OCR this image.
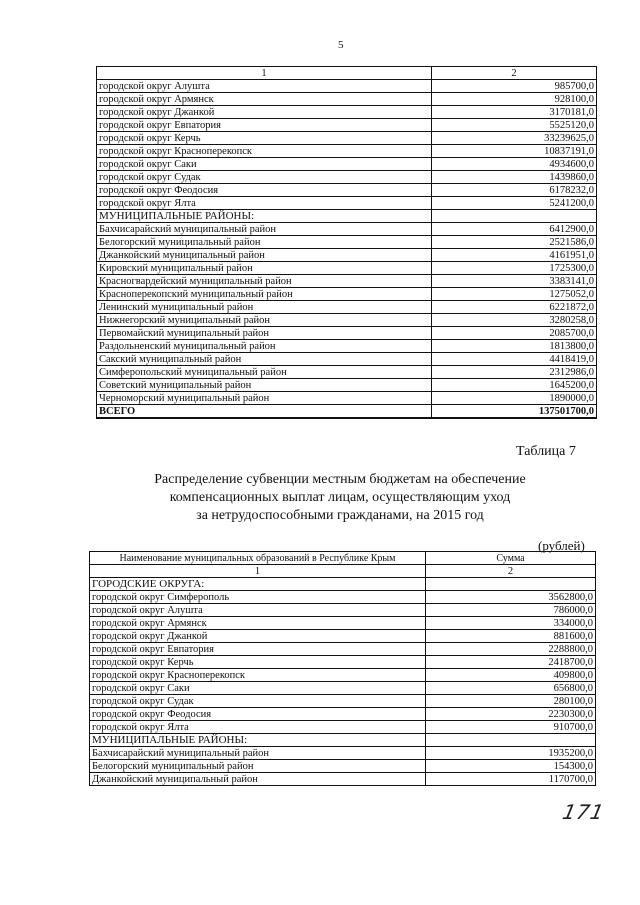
5
1	2
городской округ Алушта	985700,0
городской округ Армянск	928100,0
городской округ Джанкой	3170181,0
городской округ Евпатория	5525120,0
городской округ Керчь	33239625,0
городской округ Красноперекопск	10837191,0
городской округ Саки	4934600,0
городской округ Судак	1439860,0
городской округ Феодосия	6178232,0
городской округ Ялта	5241200,0
МУНИЦИПАЛЬНЫЕ РАЙОНЫ:	
Бахчисарайский муниципальный район	6412900,0
Белогорский муниципальный район	2521586,0
Джанкойский муниципальный район	4161951,0
Кировский муниципальный район	1725300,0
Красногвардейский муниципальный район	3383141,0
Красноперекопский муниципальный район	1275052,0
Ленинский муниципальный район	6221872,0
Нижнегорский муниципальный район	3280258,0
Первомайский муниципальный район	2085700,0
Раздольненский муниципальный район	1813800,0
Сакский муниципальный район	4418419,0
Симферопольский муниципальный район	2312986,0
Советский муниципальный район	1645200,0
Черноморский муниципальный район	1890000,0
ВСЕГО	137501700,0
Таблица 7
Распределение субвенции местным бюджетам на обеспечение
компенсационных выплат лицам, осуществляющим уход
за нетрудоспособными гражданами, на 2015 год
(рублей)
Наименование муниципальных образований в Республике Крым	Сумма
1	2
ГОРОДСКИЕ ОКРУГА:	
городской округ Симферополь	3562800,0
городской округ Алушта	786000,0
городской округ Армянск	334000,0
городской округ Джанкой	881600,0
городской округ Евпатория	2288800,0
городской округ Керчь	2418700,0
городской округ Красноперекопск	409800,0
городской округ Саки	656800,0
городской округ Судак	280100,0
городской округ Феодосия	2230300,0
городской округ Ялта	910700,0
МУНИЦИПАЛЬНЫЕ РАЙОНЫ:	
Бахчисарайский муниципальный район	1935200,0
Белогорский муниципальный район	154300,0
Джанкойский муниципальный район	1170700,0
171
